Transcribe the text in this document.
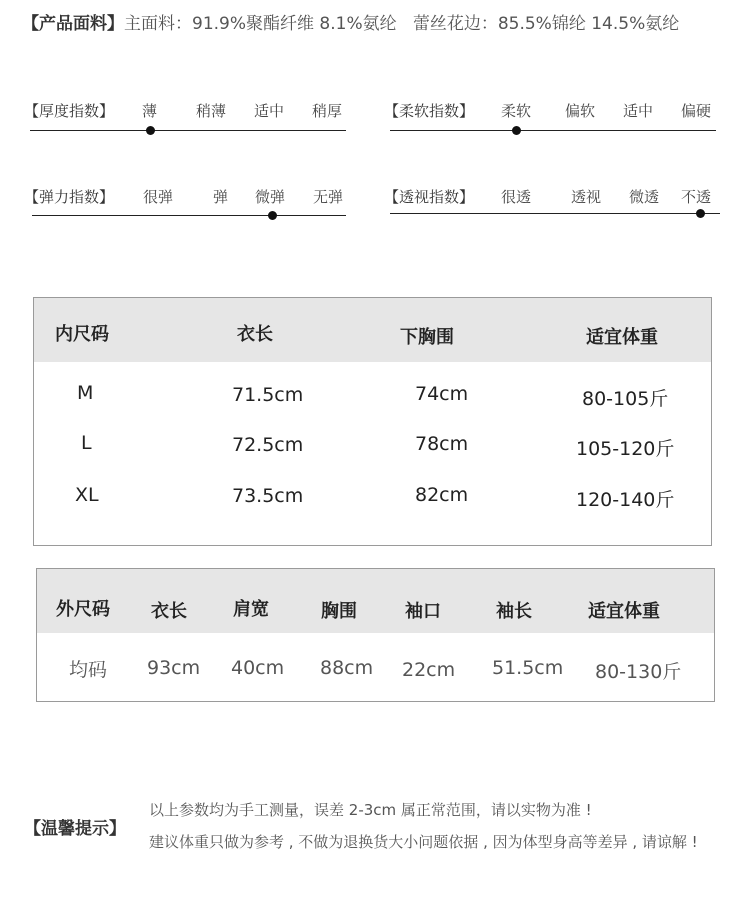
【产品面料】主面料：91.9%聚酯纤维 8.1%氨纶 蕾丝花边：85.5%锦纶 14.5%氨纶
【厚度指数】 薄	稍薄 适中 稍厚	【柔软指数】 柔软 偏软 适中 偏硬
【弹力指数】 很弹	弹 微弹 无弹	【透视指数】 很透	透视 微透 不透
内尺码	衣长	下胸围	适宜体重
M	71.5cm	74cm	80-105斤
L	72.5cm	78cm	105-120斤
XL	73.5cm	82cm	120-140斤
外尺码 衣长	肩宽	胸围	袖口	袖长	适宜体重
均码 93cm 40cm 88cm 22cm 51.5cm 80-130斤
【温馨提示】
以上参数均为手工测量，误差 2-3cm 属正常范围，请以实物为准 !
建议体重只做为参考 , 不做为退换货大小问题依据 , 因为体型身高等差异 , 请谅解 !
